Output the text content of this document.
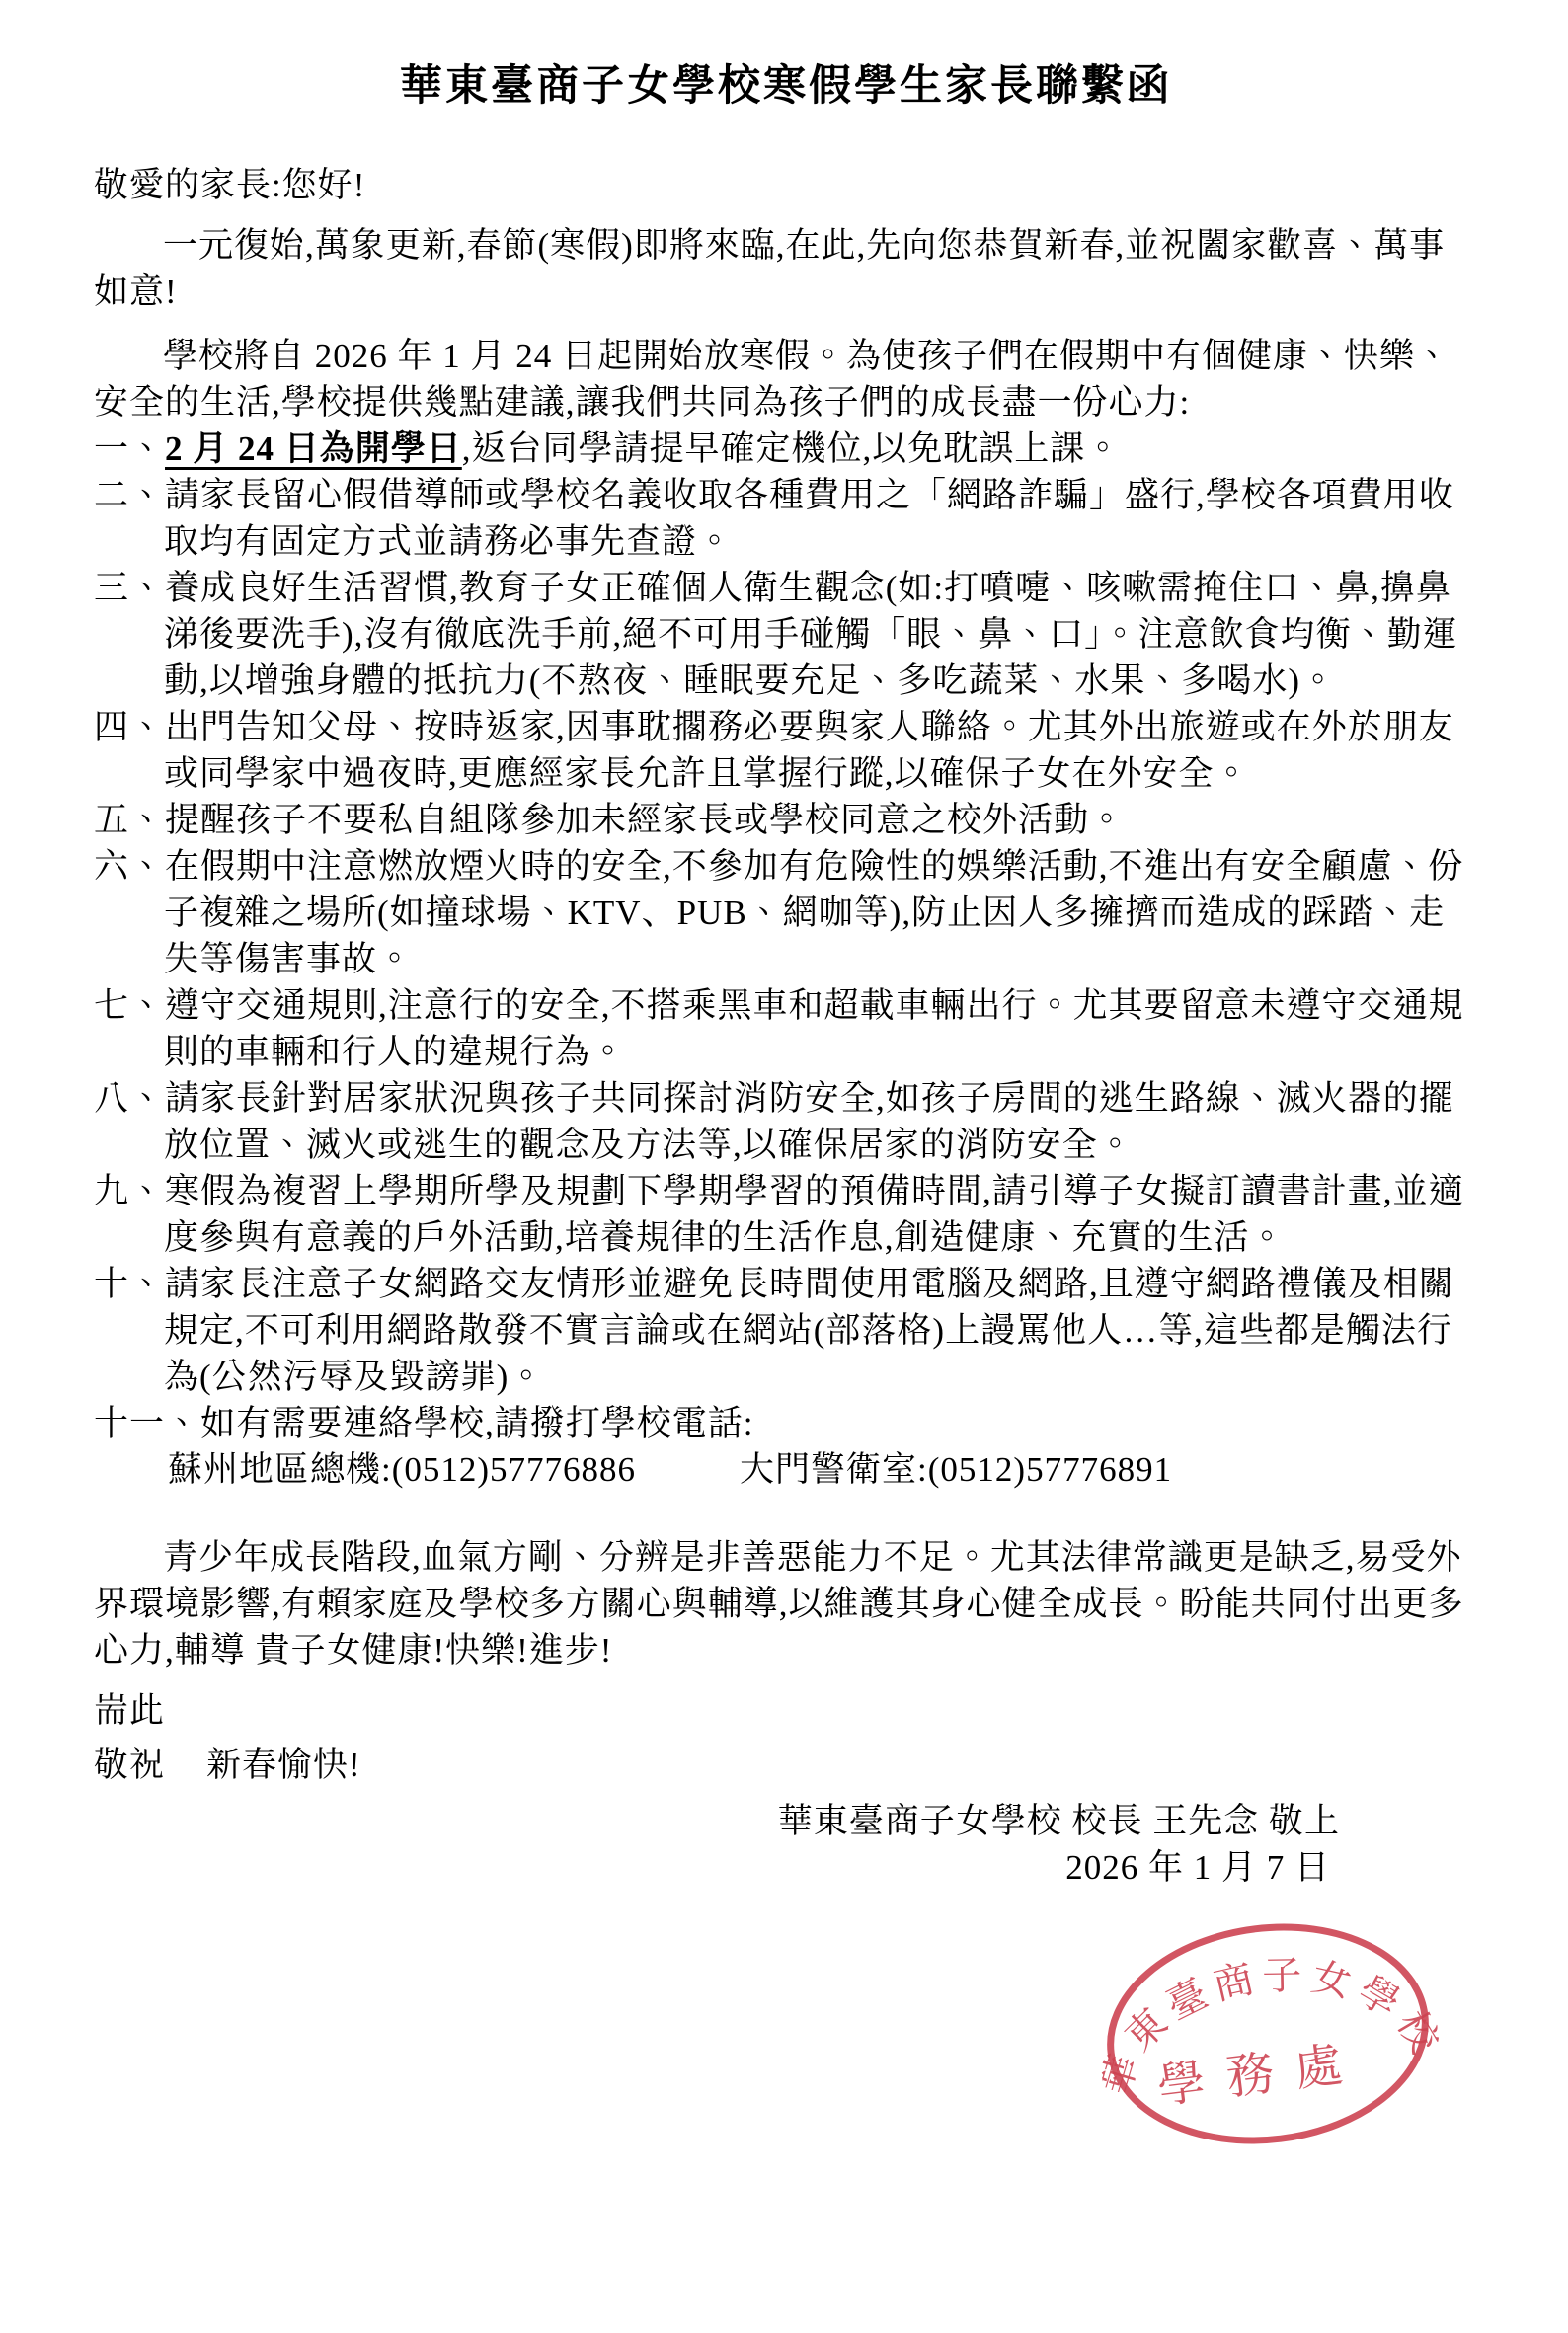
華東臺商子女學校寒假學生家長聯繫函
敬愛的家長:您好!
一元復始,萬象更新,春節(寒假)即將來臨,在此,先向您恭賀新春,並祝闔家歡喜、萬事如意!
學校將自 2026 年 1 月 24 日起開始放寒假。為使孩子們在假期中有個健康、快樂、安全的生活,學校提供幾點建議,讓我們共同為孩子們的成長盡一份心力:
一、2 月 24 日為開學日,返台同學請提早確定機位,以免耽誤上課。
二、請家長留心假借導師或學校名義收取各種費用之「網路詐騙」盛行,學校各項費用收取均有固定方式並請務必事先查證。
三、養成良好生活習慣,教育子女正確個人衛生觀念(如:打噴嚏、咳嗽需掩住口、鼻,擤鼻涕後要洗手),沒有徹底洗手前,絕不可用手碰觸「眼、鼻、口」。注意飲食均衡、勤運動,以增強身體的抵抗力(不熬夜、睡眠要充足、多吃蔬菜、水果、多喝水)。
四、出門告知父母、按時返家,因事耽擱務必要與家人聯絡。尤其外出旅遊或在外於朋友或同學家中過夜時,更應經家長允許且掌握行蹤,以確保子女在外安全。
五、提醒孩子不要私自組隊參加未經家長或學校同意之校外活動。
六、在假期中注意燃放煙火時的安全,不參加有危險性的娛樂活動,不進出有安全顧慮、份子複雜之場所(如撞球場、KTV、PUB、網咖等),防止因人多擁擠而造成的踩踏、走失等傷害事故。
七、遵守交通規則,注意行的安全,不搭乘黑車和超載車輛出行。尤其要留意未遵守交通規則的車輛和行人的違規行為。
八、請家長針對居家狀況與孩子共同探討消防安全,如孩子房間的逃生路線、滅火器的擺放位置、滅火或逃生的觀念及方法等,以確保居家的消防安全。
九、寒假為複習上學期所學及規劃下學期學習的預備時間,請引導子女擬訂讀書計畫,並適度參與有意義的戶外活動,培養規律的生活作息,創造健康、充實的生活。
十、請家長注意子女網路交友情形並避免長時間使用電腦及網路,且遵守網路禮儀及相關規定,不可利用網路散發不實言論或在網站(部落格)上謾罵他人…等,這些都是觸法行為(公然污辱及毀謗罪)。
十一、如有需要連絡學校,請撥打學校電話:
蘇州地區總機:(0512)57776886	大門警衛室:(0512)57776891
青少年成長階段,血氣方剛、分辨是非善惡能力不足。尤其法律常識更是缺乏,易受外界環境影響,有賴家庭及學校多方關心與輔導,以維護其身心健全成長。盼能共同付出更多心力,輔導 貴子女健康!快樂!進步!
耑此
敬祝 新春愉快!
華東臺商子女學校 校長 王先念 敬上
2026 年 1 月 7 日
華東臺商子女學校
學務處
